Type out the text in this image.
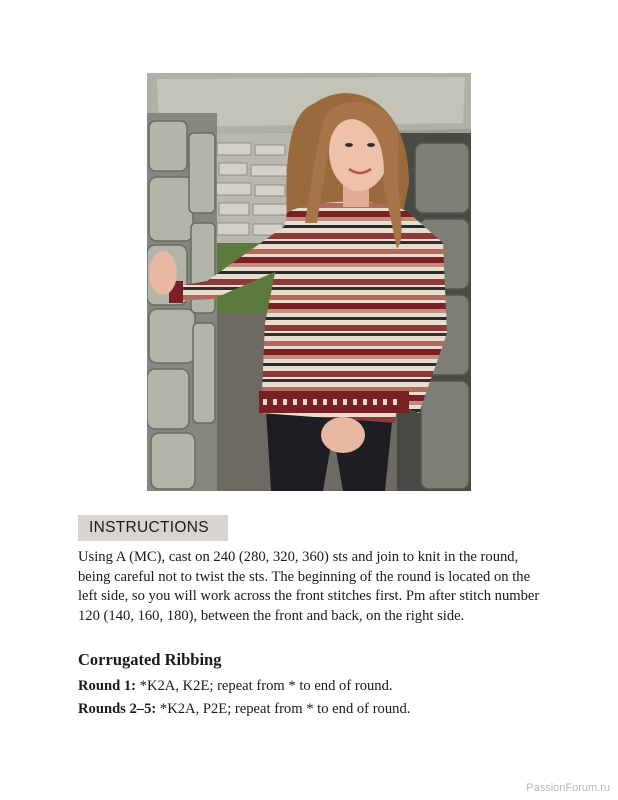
INSTRUCTIONS

Using A (MC), cast on 240 (280, 320, 360) sts and join to knit in the round, being careful not to twist the sts. The beginning of the round is located on the left side, so you will work across the front stitches first. Pm after stitch number 120 (140, 160, 180), between the front and back, on the right side.

Corrugated Ribbing

Round 1: *K2A, K2E; repeat from * to end of round.

Rounds 2–5: *K2A, P2E; repeat from * to end of round.

PassionForum.ru
